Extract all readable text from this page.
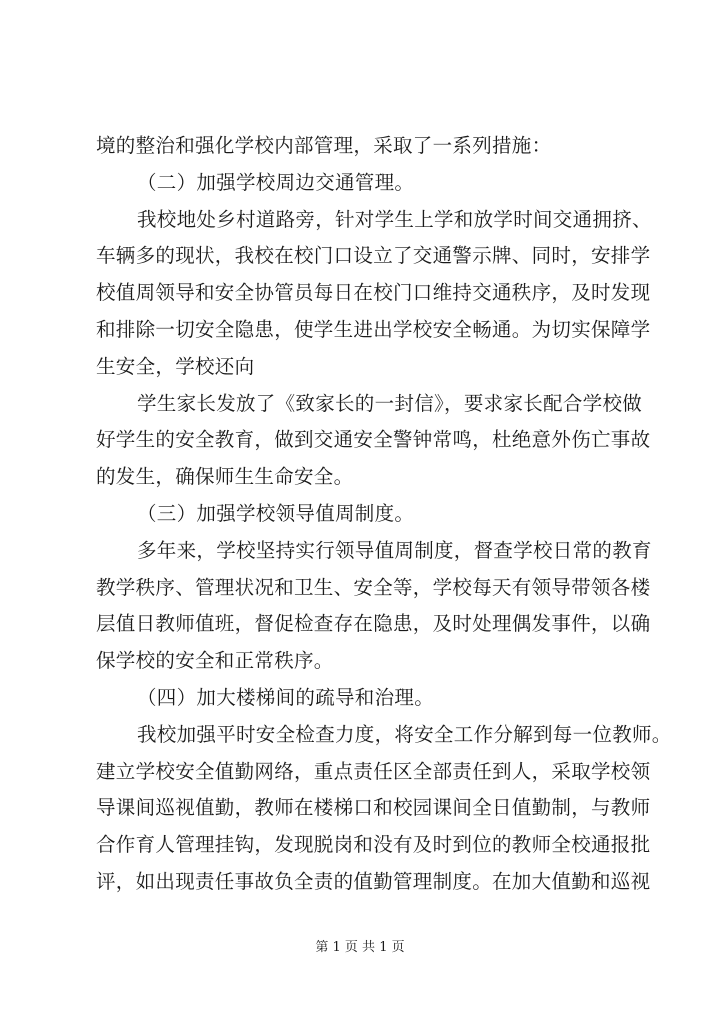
境的整治和强化学校内部管理，采取了一系列措施：
（二）加强学校周边交通管理。
我校地处乡村道路旁，针对学生上学和放学时间交通拥挤、
车辆多的现状，我校在校门口设立了交通警示牌、同时，安排学
校值周领导和安全协管员每日在校门口维持交通秩序，及时发现
和排除一切安全隐患，使学生进出学校安全畅通。为切实保障学
生安全，学校还向
学生家长发放了《致家长的一封信》，要求家长配合学校做
好学生的安全教育，做到交通安全警钟常鸣，杜绝意外伤亡事故
的发生，确保师生生命安全。
（三）加强学校领导值周制度。
多年来，学校坚持实行领导值周制度，督查学校日常的教育
教学秩序、管理状况和卫生、安全等，学校每天有领导带领各楼
层值日教师值班，督促检查存在隐患，及时处理偶发事件，以确
保学校的安全和正常秩序。
（四）加大楼梯间的疏导和治理。
我校加强平时安全检查力度，将安全工作分解到每一位教师。
建立学校安全值勤网络，重点责任区全部责任到人，采取学校领
导课间巡视值勤，教师在楼梯口和校园课间全日值勤制，与教师
合作育人管理挂钩，发现脱岗和没有及时到位的教师全校通报批
评，如出现责任事故负全责的值勤管理制度。在加大值勤和巡视
第 1 页 共 1 页
